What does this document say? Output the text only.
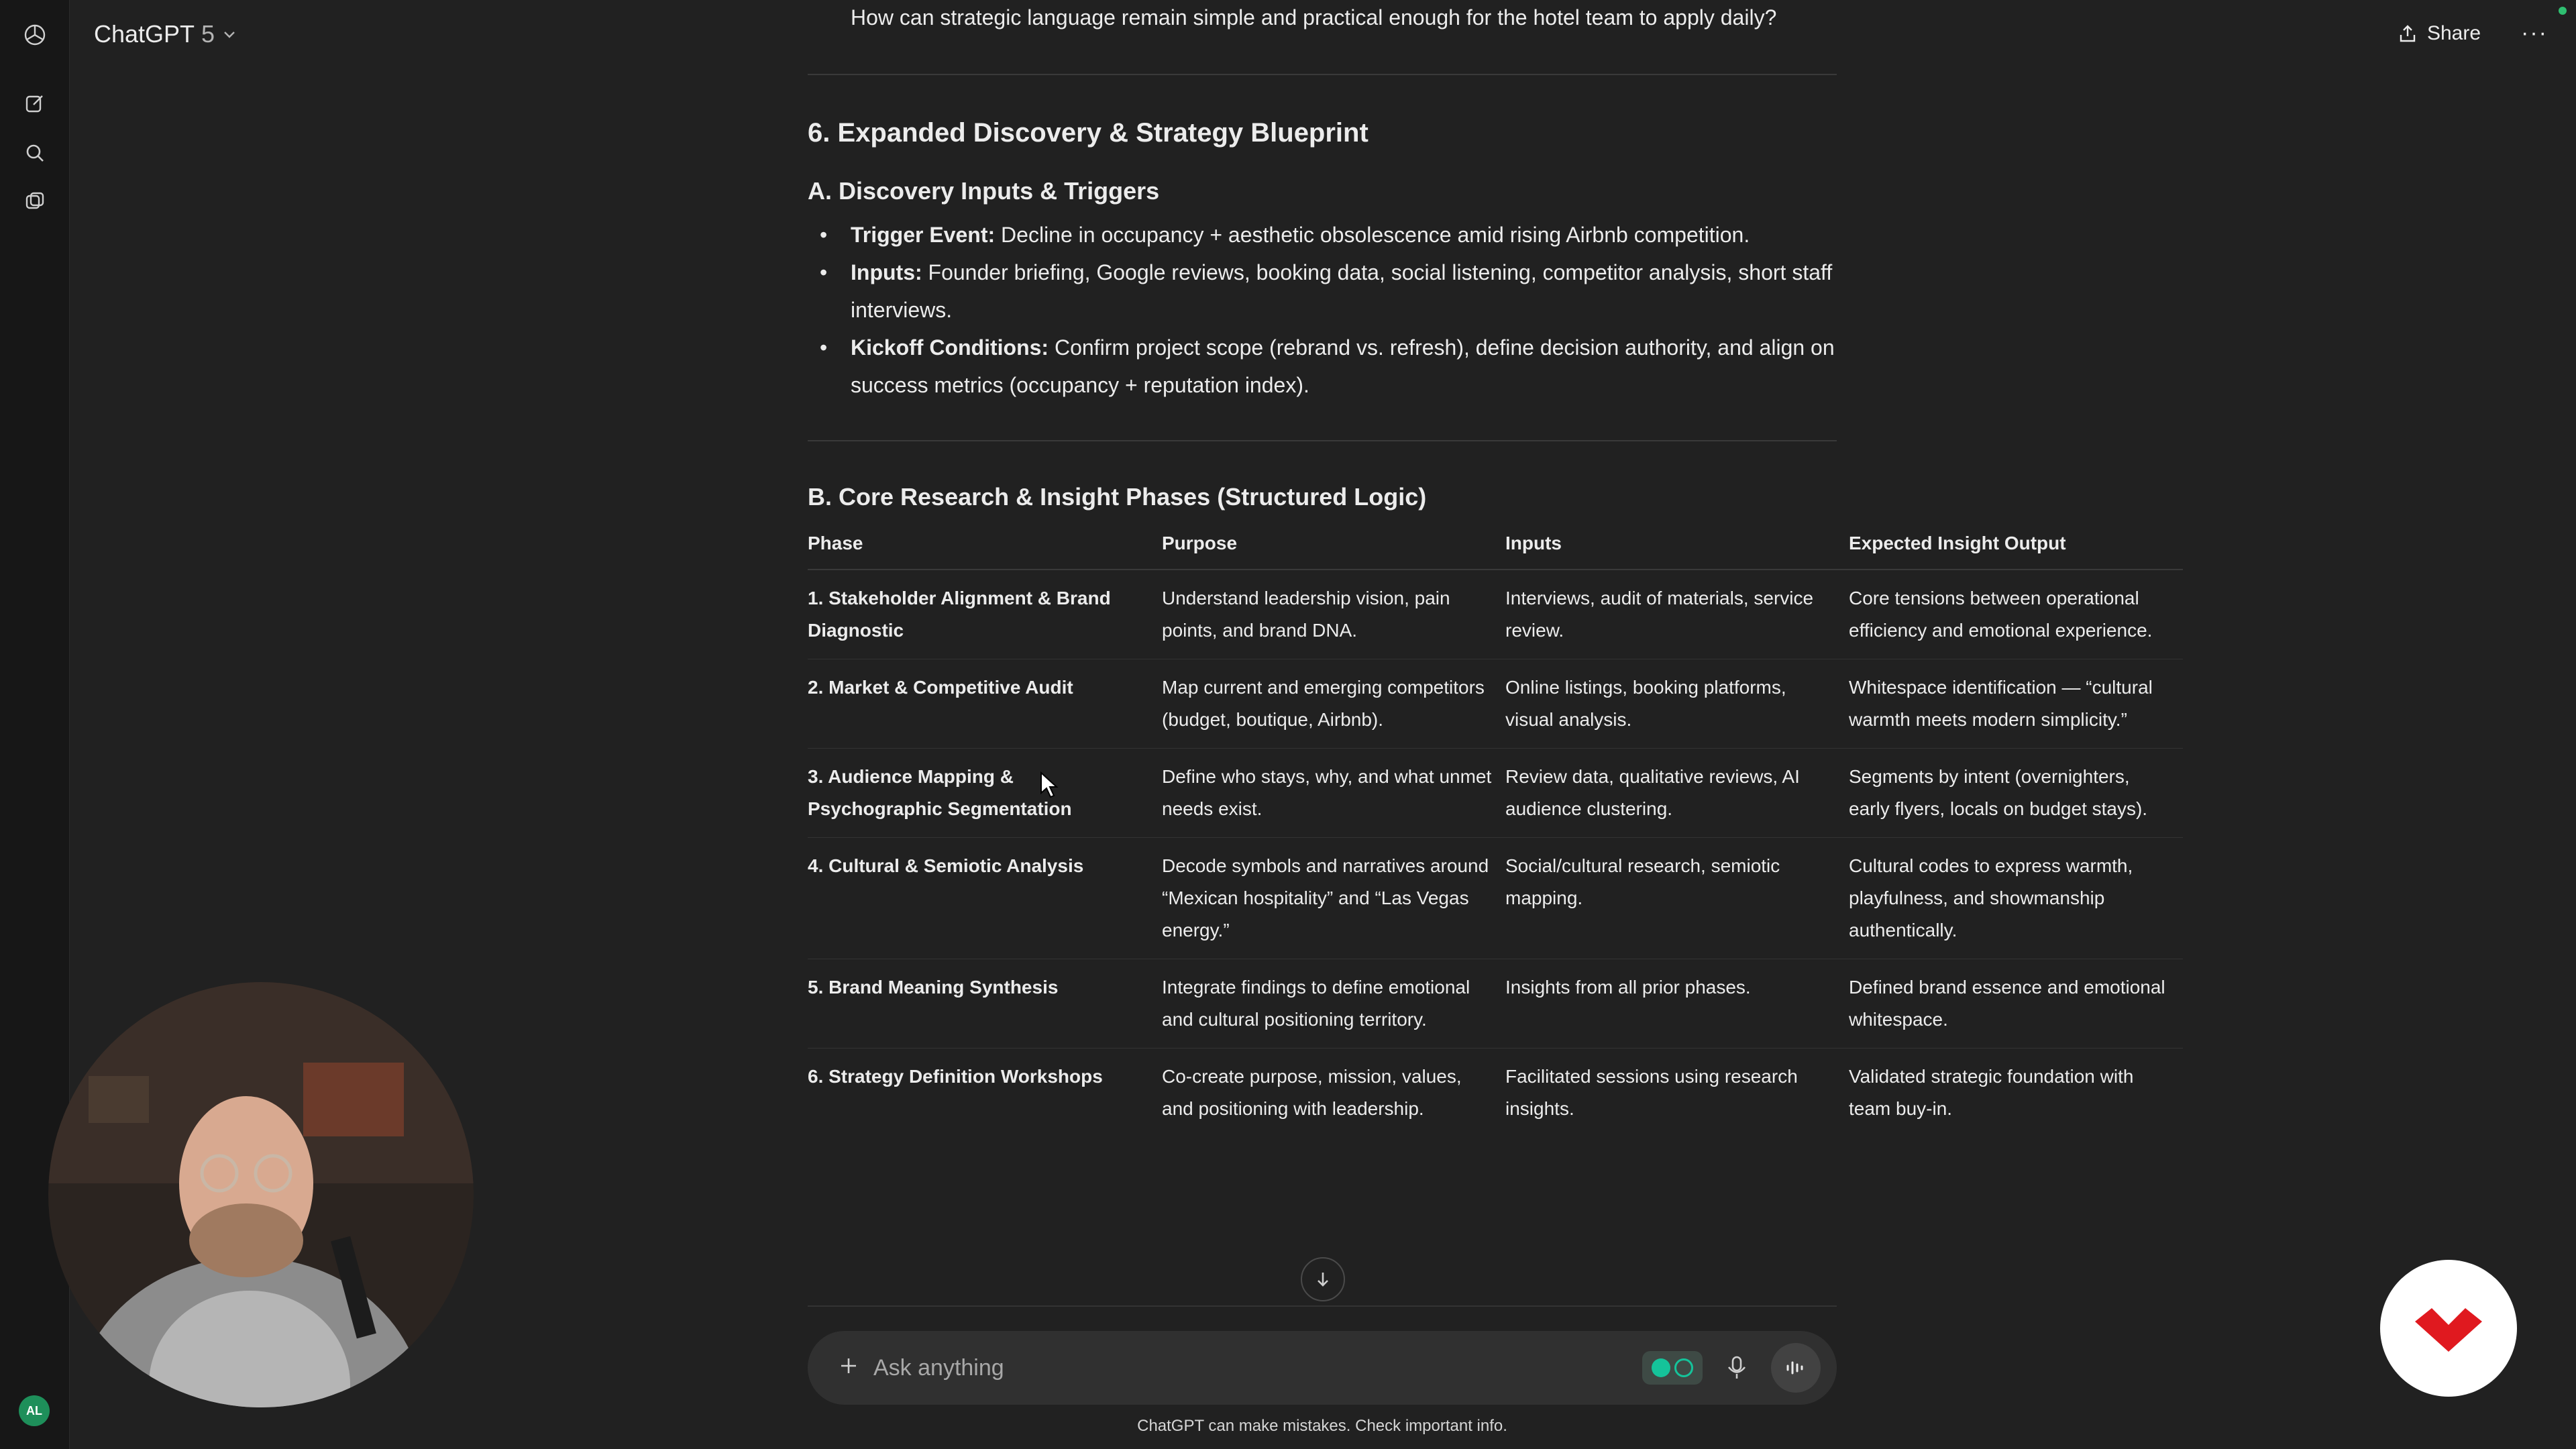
AL
ChatGPT 5	Share ···
How can strategic language remain simple and practical enough for the hotel team to apply daily?
6. Expanded Discovery & Strategy Blueprint
A. Discovery Inputs & Triggers
• Trigger Event: Decline in occupancy + aesthetic obsolescence amid rising Airbnb competition.
• Inputs: Founder briefing, Google reviews, booking data, social listening, competitor analysis, short staff interviews.
• Kickoff Conditions: Confirm project scope (rebrand vs. refresh), define decision authority, and align on success metrics (occupancy + reputation index).
B. Core Research & Insight Phases (Structured Logic)
Phase	Purpose	Inputs	Expected Insight Output
1. Stakeholder Alignment & Brand Diagnostic	Understand leadership vision, pain points, and brand DNA.	Interviews, audit of materials, service review.	Core tensions between operational efficiency and emotional experience.
2. Market & Competitive Audit	Map current and emerging competitors (budget, boutique, Airbnb).	Online listings, booking platforms, visual analysis.	Whitespace identification — “cultural warmth meets modern simplicity.”
3. Audience Mapping & Psychographic Segmentation	Define who stays, why, and what unmet needs exist.	Review data, qualitative reviews, AI audience clustering.	Segments by intent (overnighters, early flyers, locals on budget stays).
4. Cultural & Semiotic Analysis	Decode symbols and narratives around “Mexican hospitality” and “Las Vegas energy.”	Social/cultural research, semiotic mapping.	Cultural codes to express warmth, playfulness, and showmanship authentically.
5. Brand Meaning Synthesis	Integrate findings to define emotional and cultural positioning territory.	Insights from all prior phases.	Defined brand essence and emotional whitespace.
6. Strategy Definition Workshops	Co-create purpose, mission, values, and positioning with leadership.	Facilitated sessions using research insights.	Validated strategic foundation with team buy-in.
Ask anything
ChatGPT can make mistakes. Check important info.
